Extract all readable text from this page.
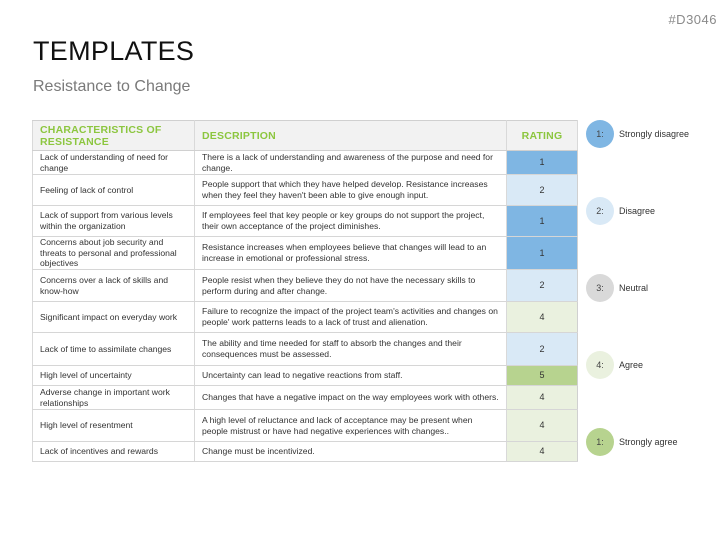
#D3046
TEMPLATES
Resistance to Change
CHARACTERISTICS OF RESISTANCE	DESCRIPTION	RATING
Lack of understanding of need for change	There is a lack of understanding and awareness of the purpose and need for change.	1
Feeling of lack of control	People support that which they have helped develop. Resistance increases when they feel they haven't been able to give enough input.	2
Lack of support from various levels within the organization	If employees feel that key people or key groups do not support the project, their own acceptance of the project diminishes.	1
Concerns about job security and threats to personal and professional objectives	Resistance increases when employees believe that changes will lead to an increase in emotional or professional stress.	1
Concerns over a lack of skills and know-how	People resist when they believe they do not have the necessary skills to perform during and after change.	2
Significant impact on everyday work	Failure to recognize the impact of the project team's activities and changes on people' work patterns leads to a lack of trust and alienation.	4
Lack of time to assimilate changes	The ability and time needed for staff to absorb the changes and their consequences must be assessed.	2
High level of uncertainty	Uncertainty can lead to negative reactions from staff.	5
Adverse change in important work relationships	Changes that have a negative impact on the way employees work with others.	4
High level of resentment	A high level of reluctance and lack of acceptance may be present when people mistrust or have had negative experiences with changes..	4
Lack of incentives and rewards	Change must be incentivized.	4
1:	Strongly disagree
2:	Disagree
3:	Neutral
4:	Agree
1:	Strongly agree
